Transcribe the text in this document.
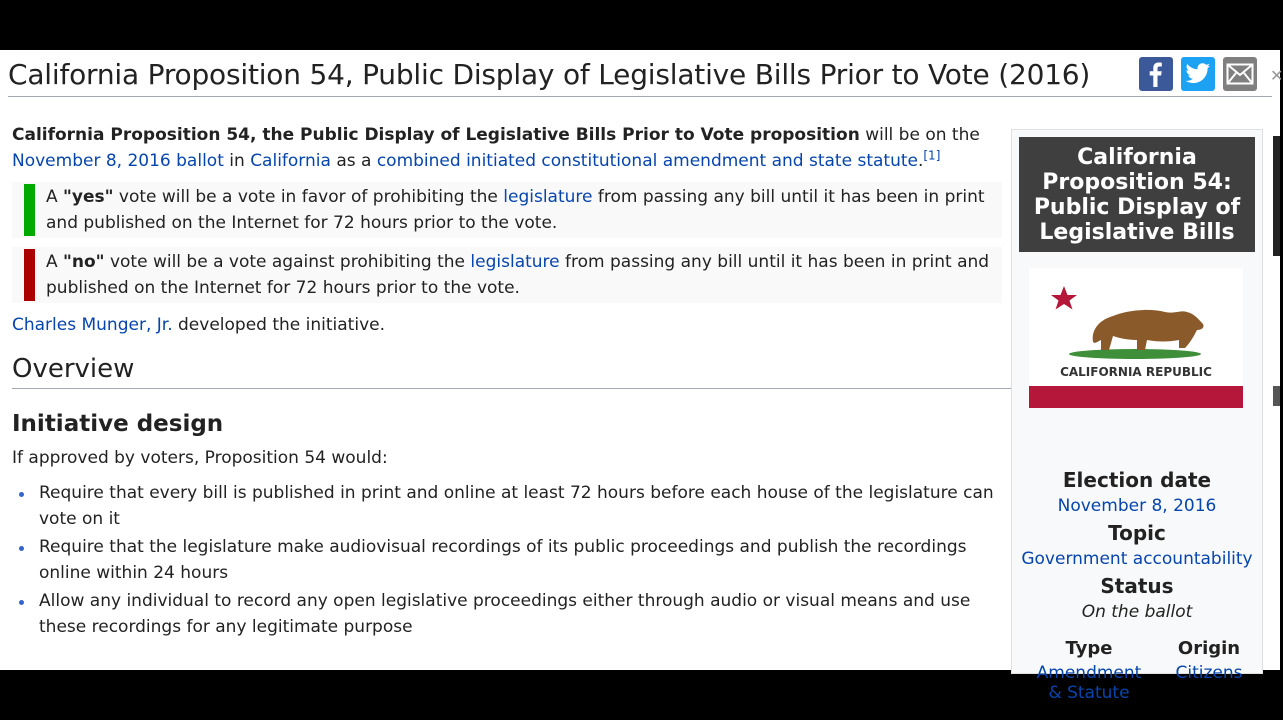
California Proposition 54, Public Display of Legislative Bills Prior to Vote (2016)	✕

California Proposition 54, the Public Display of Legislative Bills Prior to Vote proposition will be on the November 8, 2016 ballot in California as a combined initiated constitutional amendment and state statute.[1]

A "yes" vote will be a vote in favor of prohibiting the legislature from passing any bill until it has been in print and published on the Internet for 72 hours prior to the vote.
A "no" vote will be a vote against prohibiting the legislature from passing any bill until it has been in print and published on the Internet for 72 hours prior to the vote.

Charles Munger, Jr. developed the initiative.

Overview
Initiative design

If approved by voters, Proposition 54 would:

Require that every bill is published in print and online at least 72 hours before each house of the legislature can vote on it
Require that the legislature make audiovisual recordings of its public proceedings and publish the recordings online within 24 hours
Allow any individual to record any open legislative proceedings either through audio or visual means and use these recordings for any legitimate purpose
California Proposition 54: Public Display of Legislative Bills
CALIFORNIA REPUBLIC
Election date
November 8, 2016
Topic
Government accountability
Status
On the ballot
Type
Amendment
& Statute
Origin
Citizens
